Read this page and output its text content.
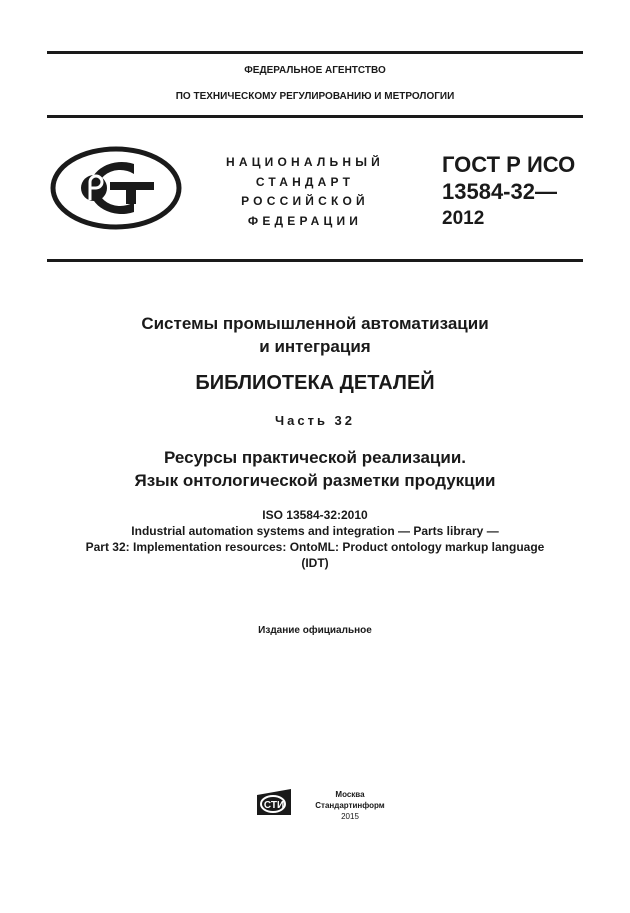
ФЕДЕРАЛЬНОЕ АГЕНТСТВО
ПО ТЕХНИЧЕСКОМУ РЕГУЛИРОВАНИЮ И МЕТРОЛОГИИ
НАЦИОНАЛЬНЫЙ
СТАНДАРТ
РОССИЙСКОЙ
ФЕДЕРАЦИИ
ГОСТ Р ИСО
13584-32—
2012
Системы промышленной автоматизации
и интеграция
БИБЛИОТЕКА ДЕТАЛЕЙ
Часть 32
Ресурсы практической реализации.
Язык онтологической разметки продукции
ISO 13584-32:2010
Industrial automation systems and integration — Parts library —
Part 32: Implementation resources: OntoML: Product ontology markup language
(IDT)
Издание официальное
СТИ
Москва
Стандартинформ
2015
